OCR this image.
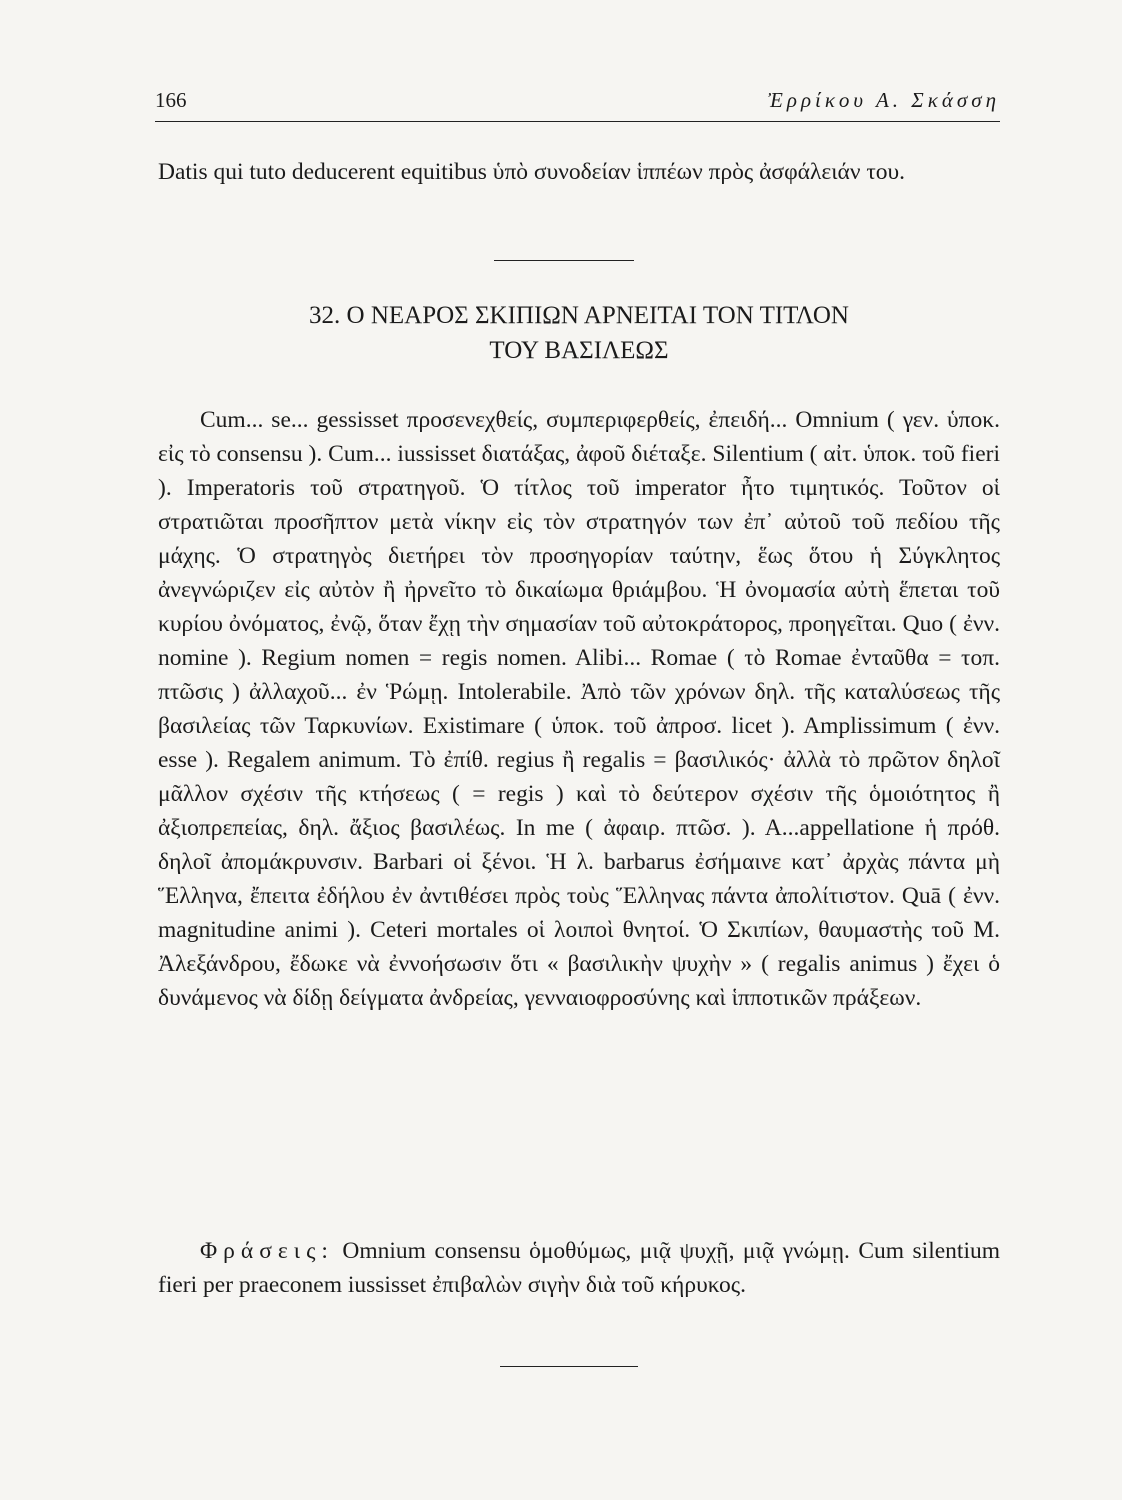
166	Ἐρρίκου Α. Σκάσση

Datis qui tuto deducerent equitibus ὑπὸ συνοδείαν ἱππέων πρὸς ἀσφάλειάν του.

32. Ο ΝΕΑΡΟΣ ΣΚΙΠΙΩΝ ΑΡΝΕΙΤΑΙ ΤΟΝ ΤΙΤΛΟΝ
ΤΟΥ ΒΑΣΙΛΕΩΣ

Cum... se... gessisset προσενεχθείς, συμπεριφερθείς, ἐπειδή... Omnium ( γεν. ὑποκ. εἰς τὸ consensu ). Cum... iussisset διατάξας, ἀφοῦ διέταξε. Silentium ( αἰτ. ὑποκ. τοῦ fieri ). Imperatoris τοῦ στρατηγοῦ. Ὁ τίτλος τοῦ imperator ἦτο τιμητικός. Τοῦτον οἱ στρατιῶται προσῆπτον μετὰ νίκην εἰς τὸν στρατηγόν των ἐπ᾽ αὐτοῦ τοῦ πεδίου τῆς μάχης. Ὁ στρατηγὸς διετήρει τὸν προσηγορίαν ταύτην, ἕως ὅτου ἡ Σύγκλητος ἀνεγνώριζεν εἰς αὐτὸν ἢ ἠρνεῖτο τὸ δικαίωμα θριάμβου. Ἡ ὀνομασία αὐτὴ ἕπεται τοῦ κυρίου ὀνόματος, ἐνῷ, ὅταν ἔχῃ τὴν σημασίαν τοῦ αὐτοκράτορος, προηγεῖται. Quo ( ἐνν. nomine ). Regium nomen = regis nomen. Alibi... Romae ( τὸ Romae ἐνταῦθα = τοπ. πτῶσις ) ἀλλαχοῦ... ἐν Ῥώμῃ. Intolerabile. Ἀπὸ τῶν χρόνων δηλ. τῆς καταλύσεως τῆς βασιλείας τῶν Ταρκυνίων. Existimare ( ὑποκ. τοῦ ἀπροσ. licet ). Amplissimum ( ἐνν. esse ). Regalem animum. Τὸ ἐπίθ. regius ἢ regalis = βασιλικός· ἀλλὰ τὸ πρῶτον δηλοῖ μᾶλλον σχέσιν τῆς κτήσεως ( = regis ) καὶ τὸ δεύτερον σχέσιν τῆς ὁμοιότητος ἢ ἀξιοπρεπείας, δηλ. ἄξιος βασιλέως. In me ( ἀφαιρ. πτῶσ. ). A...appellatione ἡ πρόθ. δηλοῖ ἀπομάκρυνσιν. Barbari οἱ ξένοι. Ἡ λ. barbarus ἐσήμαινε κατ᾽ ἀρχὰς πάντα μὴ Ἕλληνα, ἔπειτα ἐδήλου ἐν ἀντιθέσει πρὸς τοὺς Ἕλληνας πάντα ἀπολίτιστον. Quā ( ἐνν. magnitudine animi ). Ceteri mortales οἱ λοιποὶ θνητοί. Ὁ Σκιπίων, θαυμαστὴς τοῦ Μ. Ἀλεξάνδρου, ἔδωκε νὰ ἐννοήσωσιν ὅτι « βασιλικὴν ψυχὴν » ( regalis animus ) ἔχει ὁ δυνάμενος νὰ δίδῃ δείγματα ἀνδρείας, γενναιοφροσύνης καὶ ἱπποτικῶν πράξεων.

Φράσεις: Omnium consensu ὁμοθύμως, μιᾷ ψυχῇ, μιᾷ γνώμῃ. Cum silentium fieri per praeconem iussisset ἐπιβαλὼν σιγὴν διὰ τοῦ κήρυκος.
